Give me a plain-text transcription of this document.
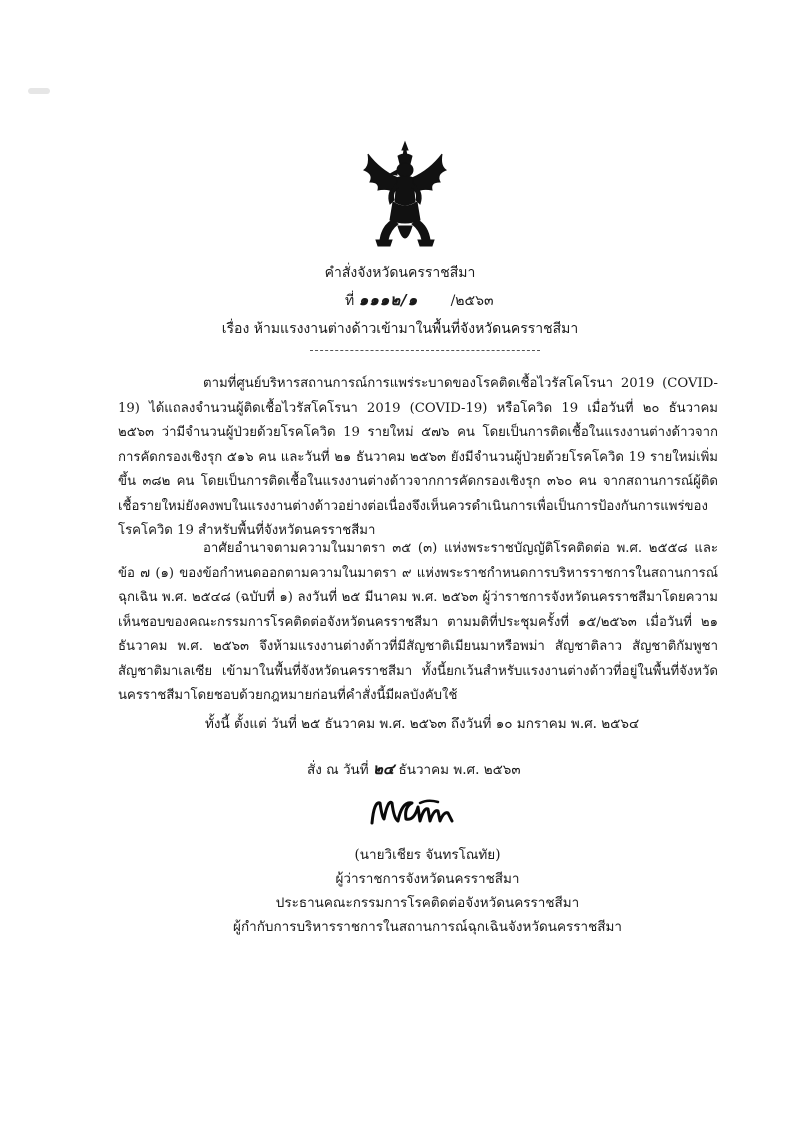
คำสั่งจังหวัดนครราชสีมา
ที่ ๑๑๑๒/๑ /๒๕๖๓
เรื่อง ห้ามแรงงานต่างด้าวเข้ามาในพื้นที่จังหวัดนครราชสีมา
ตามที่ศูนย์บริหารสถานการณ์การแพร่ระบาดของโรคติดเชื้อไวรัสโคโรนา 2019 (COVID-19) ได้แถลงจำนวนผู้ติดเชื้อไวรัสโคโรนา 2019 (COVID-19) หรือโควิด 19 เมื่อวันที่ ๒๐ ธันวาคม ๒๕๖๓ ว่ามีจำนวนผู้ป่วยด้วยโรคโควิด 19 รายใหม่ ๕๗๖ คน โดยเป็นการติดเชื้อในแรงงานต่างด้าวจากการคัดกรองเชิงรุก ๕๑๖ คน และวันที่ ๒๑ ธันวาคม ๒๕๖๓ ยังมีจำนวนผู้ป่วยด้วยโรคโควิด 19 รายใหม่เพิ่มขึ้น ๓๘๒ คน โดยเป็นการติดเชื้อในแรงงานต่างด้าวจากการคัดกรองเชิงรุก ๓๖๐ คน จากสถานการณ์ผู้ติดเชื้อรายใหม่ยังคงพบในแรงงานต่างด้าวอย่างต่อเนื่องจึงเห็นควรดำเนินการเพื่อเป็นการป้องกันการแพร่ของโรคโควิด 19 สำหรับพื้นที่จังหวัดนครราชสีมา
อาศัยอำนาจตามความในมาตรา ๓๕ (๓) แห่งพระราชบัญญัติโรคติดต่อ พ.ศ. ๒๕๕๘ และข้อ ๗ (๑) ของข้อกำหนดออกตามความในมาตรา ๙ แห่งพระราชกำหนดการบริหารราชการในสถานการณ์ฉุกเฉิน พ.ศ. ๒๕๔๘ (ฉบับที่ ๑) ลงวันที่ ๒๕ มีนาคม พ.ศ. ๒๕๖๓ ผู้ว่าราชการจังหวัดนครราชสีมาโดยความเห็นชอบของคณะกรรมการโรคติดต่อจังหวัดนครราชสีมา ตามมติที่ประชุมครั้งที่ ๑๕/๒๕๖๓ เมื่อวันที่ ๒๑ ธันวาคม พ.ศ. ๒๕๖๓ จึงห้ามแรงงานต่างด้าวที่มีสัญชาติเมียนมาหรือพม่า สัญชาติลาว สัญชาติกัมพูชา สัญชาติมาเลเซีย เข้ามาในพื้นที่จังหวัดนครราชสีมา ทั้งนี้ยกเว้นสำหรับแรงงานต่างด้าวที่อยู่ในพื้นที่จังหวัดนครราชสีมาโดยชอบด้วยกฎหมายก่อนที่คำสั่งนี้มีผลบังคับใช้
ทั้งนี้ ตั้งแต่ วันที่ ๒๕ ธันวาคม พ.ศ. ๒๕๖๓ ถึงวันที่ ๑๐ มกราคม พ.ศ. ๒๕๖๔
สั่ง ณ วันที่ ๒๔ ธันวาคม พ.ศ. ๒๕๖๓
(นายวิเชียร จันทรโณทัย)
ผู้ว่าราชการจังหวัดนครราชสีมา
ประธานคณะกรรมการโรคติดต่อจังหวัดนครราชสีมา
ผู้กำกับการบริหารราชการในสถานการณ์ฉุกเฉินจังหวัดนครราชสีมา
